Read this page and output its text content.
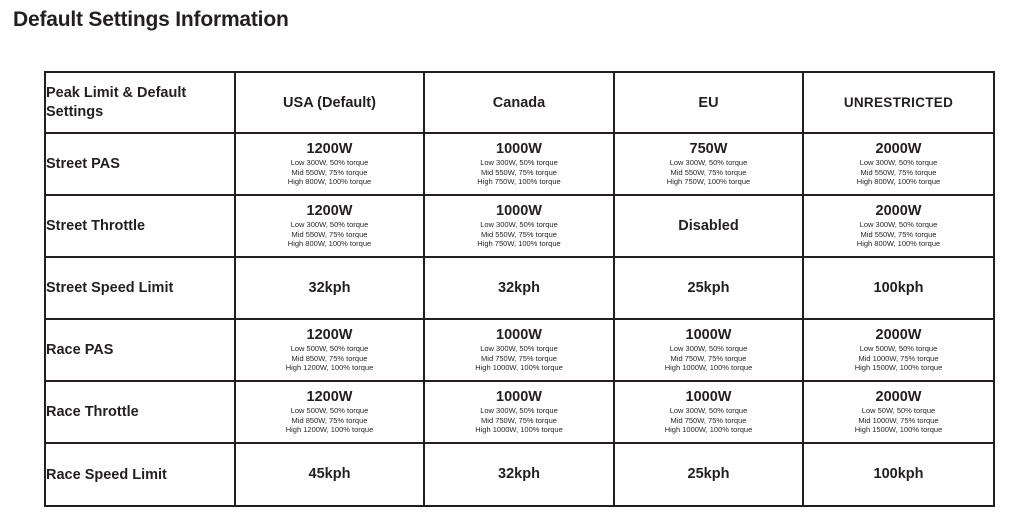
Default Settings Information
Peak Limit & Default Settings	USA (Default)	Canada	EU	UNRESTRICTED
Street PAS	1200W
Low 300W, 50% torque
Mid 550W, 75% torque
High 800W, 100% torque	1000W
Low 300W, 50% torque
Mid 550W, 75% torque
High 750W, 100% torque	750W
Low 300W, 50% torque
Mid 550W, 75% torque
High 750W, 100% torque	2000W
Low 300W, 50% torque
Mid 550W, 75% torque
High 800W, 100% torque

Street Throttle	1200W
Low 300W, 50% torque
Mid 550W, 75% torque
High 800W, 100% torque	1000W
Low 300W, 50% torque
Mid 550W, 75% torque
High 750W, 100% torque	Disabled	2000W
Low 300W, 50% torque
Mid 550W, 75% torque
High 800W, 100% torque

Street Speed Limit	32kph	32kph	25kph	100kph

Race PAS	1200W
Low 500W, 50% torque
Mid 850W, 75% torque
High 1200W, 100% torque	1000W
Low 300W, 50% torque
Mid 750W, 75% torque
High 1000W, 100% torque	1000W
Low 300W, 50% torque
Mid 750W, 75% torque
High 1000W, 100% torque	2000W
Low 500W, 50% torque
Mid 1000W, 75% torque
High 1500W, 100% torque

Race Throttle	1200W
Low 500W, 50% torque
Mid 850W, 75% torque
High 1200W, 100% torque	1000W
Low 300W, 50% torque
Mid 750W, 75% torque
High 1000W, 100% torque	1000W
Low 300W, 50% torque
Mid 750W, 75% torque
High 1000W, 100% torque	2000W
Low 50W, 50% torque
Mid 1000W, 75% torque
High 1500W, 100% torque

Race Speed Limit	45kph	32kph	25kph	100kph
